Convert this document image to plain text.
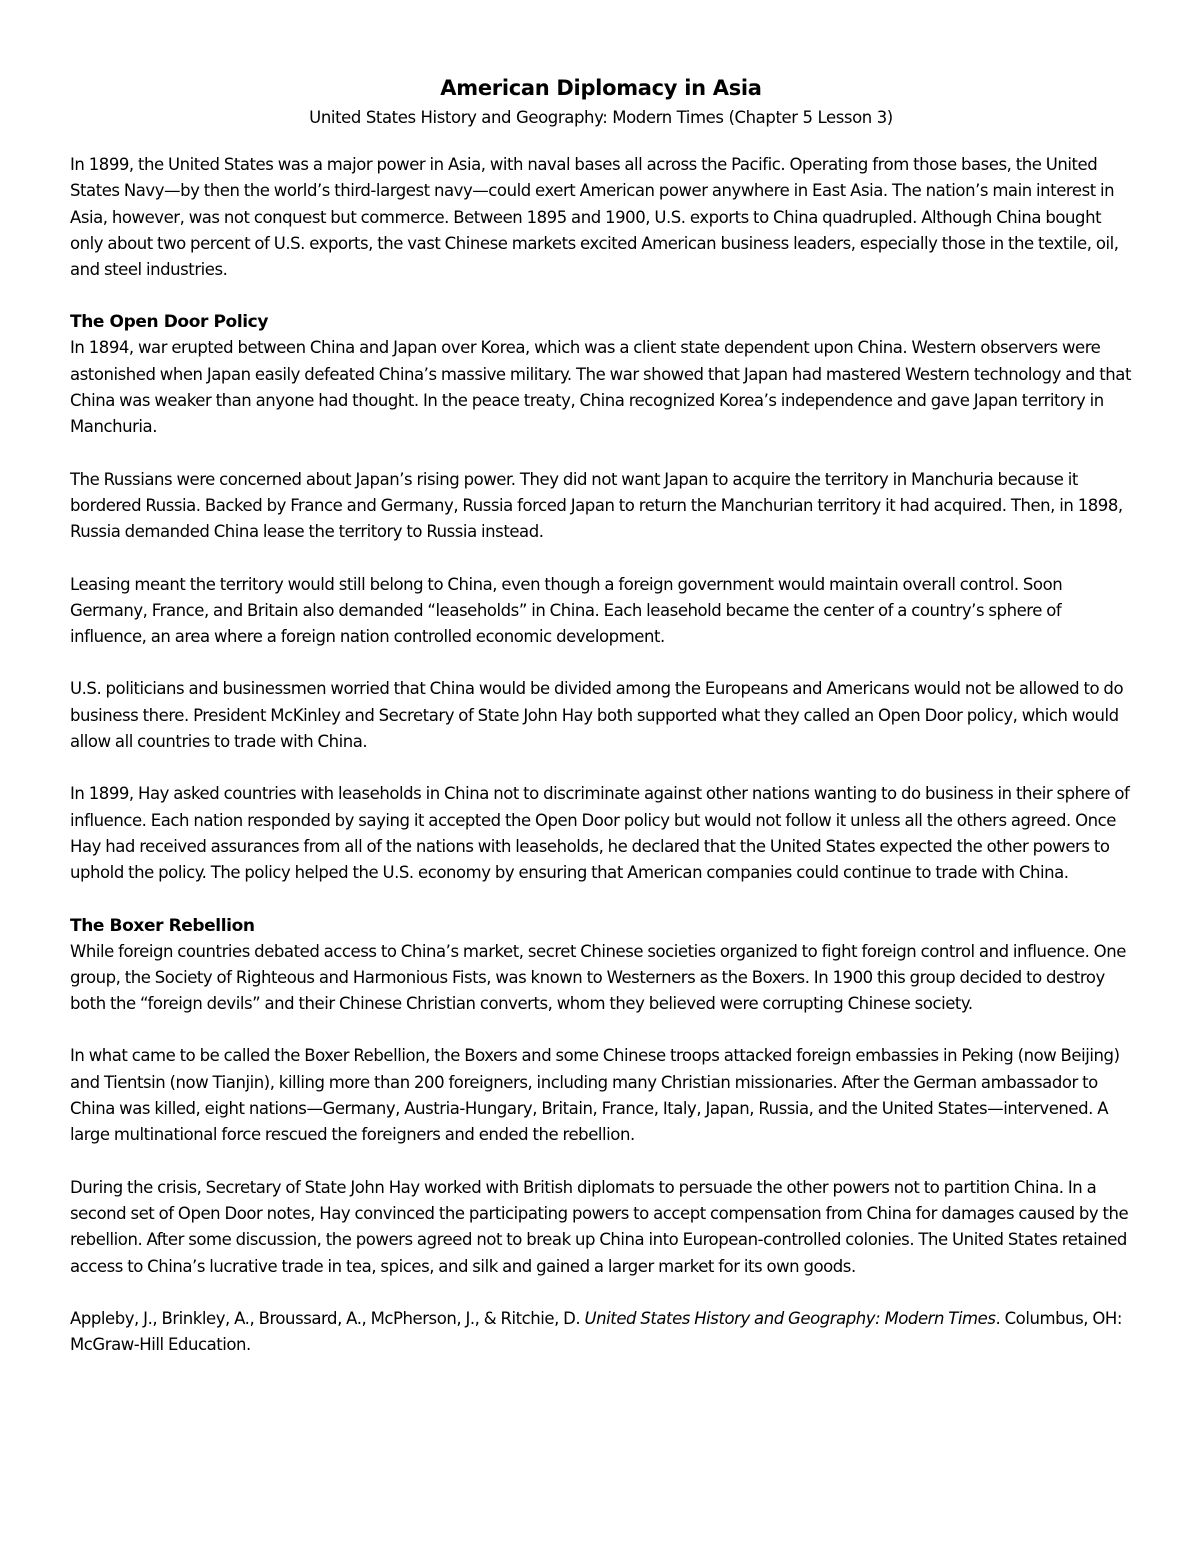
American Diplomacy in Asia

United States History and Geography: Modern Times (Chapter 5 Lesson 3)

In 1899, the United States was a major power in Asia, with naval bases all across the Pacific. Operating from those bases, the United States Navy—by then the world’s third-largest navy—could exert American power anywhere in East Asia. The nation’s main interest in Asia, however, was not conquest but commerce. Between 1895 and 1900, U.S. exports to China quadrupled. Although China bought only about two percent of U.S. exports, the vast Chinese markets excited American business leaders, especially those in the textile, oil, and steel industries.

The Open Door Policy

In 1894, war erupted between China and Japan over Korea, which was a client state dependent upon China. Western observers were astonished when Japan easily defeated China’s massive military. The war showed that Japan had mastered Western technology and that China was weaker than anyone had thought. In the peace treaty, China recognized Korea’s independence and gave Japan territory in Manchuria.

The Russians were concerned about Japan’s rising power. They did not want Japan to acquire the territory in Manchuria because it bordered Russia. Backed by France and Germany, Russia forced Japan to return the Manchurian territory it had acquired. Then, in 1898, Russia demanded China lease the territory to Russia instead.

Leasing meant the territory would still belong to China, even though a foreign government would maintain overall control. Soon Germany, France, and Britain also demanded “leaseholds” in China. Each leasehold became the center of a country’s sphere of influence, an area where a foreign nation controlled economic development.

U.S. politicians and businessmen worried that China would be divided among the Europeans and Americans would not be allowed to do business there. President McKinley and Secretary of State John Hay both supported what they called an Open Door policy, which would allow all countries to trade with China.

In 1899, Hay asked countries with leaseholds in China not to discriminate against other nations wanting to do business in their sphere of influence. Each nation responded by saying it accepted the Open Door policy but would not follow it unless all the others agreed. Once Hay had received assurances from all of the nations with leaseholds, he declared that the United States expected the other powers to uphold the policy. The policy helped the U.S. economy by ensuring that American companies could continue to trade with China.

The Boxer Rebellion

While foreign countries debated access to China’s market, secret Chinese societies organized to fight foreign control and influence. One group, the Society of Righteous and Harmonious Fists, was known to Westerners as the Boxers. In 1900 this group decided to destroy both the “foreign devils” and their Chinese Christian converts, whom they believed were corrupting Chinese society.

In what came to be called the Boxer Rebellion, the Boxers and some Chinese troops attacked foreign embassies in Peking (now Beijing) and Tientsin (now Tianjin), killing more than 200 foreigners, including many Christian missionaries. After the German ambassador to China was killed, eight nations—Germany, Austria-Hungary, Britain, France, Italy, Japan, Russia, and the United States—intervened. A large multinational force rescued the foreigners and ended the rebellion.

During the crisis, Secretary of State John Hay worked with British diplomats to persuade the other powers not to partition China. In a second set of Open Door notes, Hay convinced the participating powers to accept compensation from China for damages caused by the rebellion. After some discussion, the powers agreed not to break up China into European-controlled colonies. The United States retained access to China’s lucrative trade in tea, spices, and silk and gained a larger market for its own goods.

Appleby, J., Brinkley, A., Broussard, A., McPherson, J., & Ritchie, D. United States History and Geography: Modern Times. Columbus, OH: McGraw-Hill Education.
